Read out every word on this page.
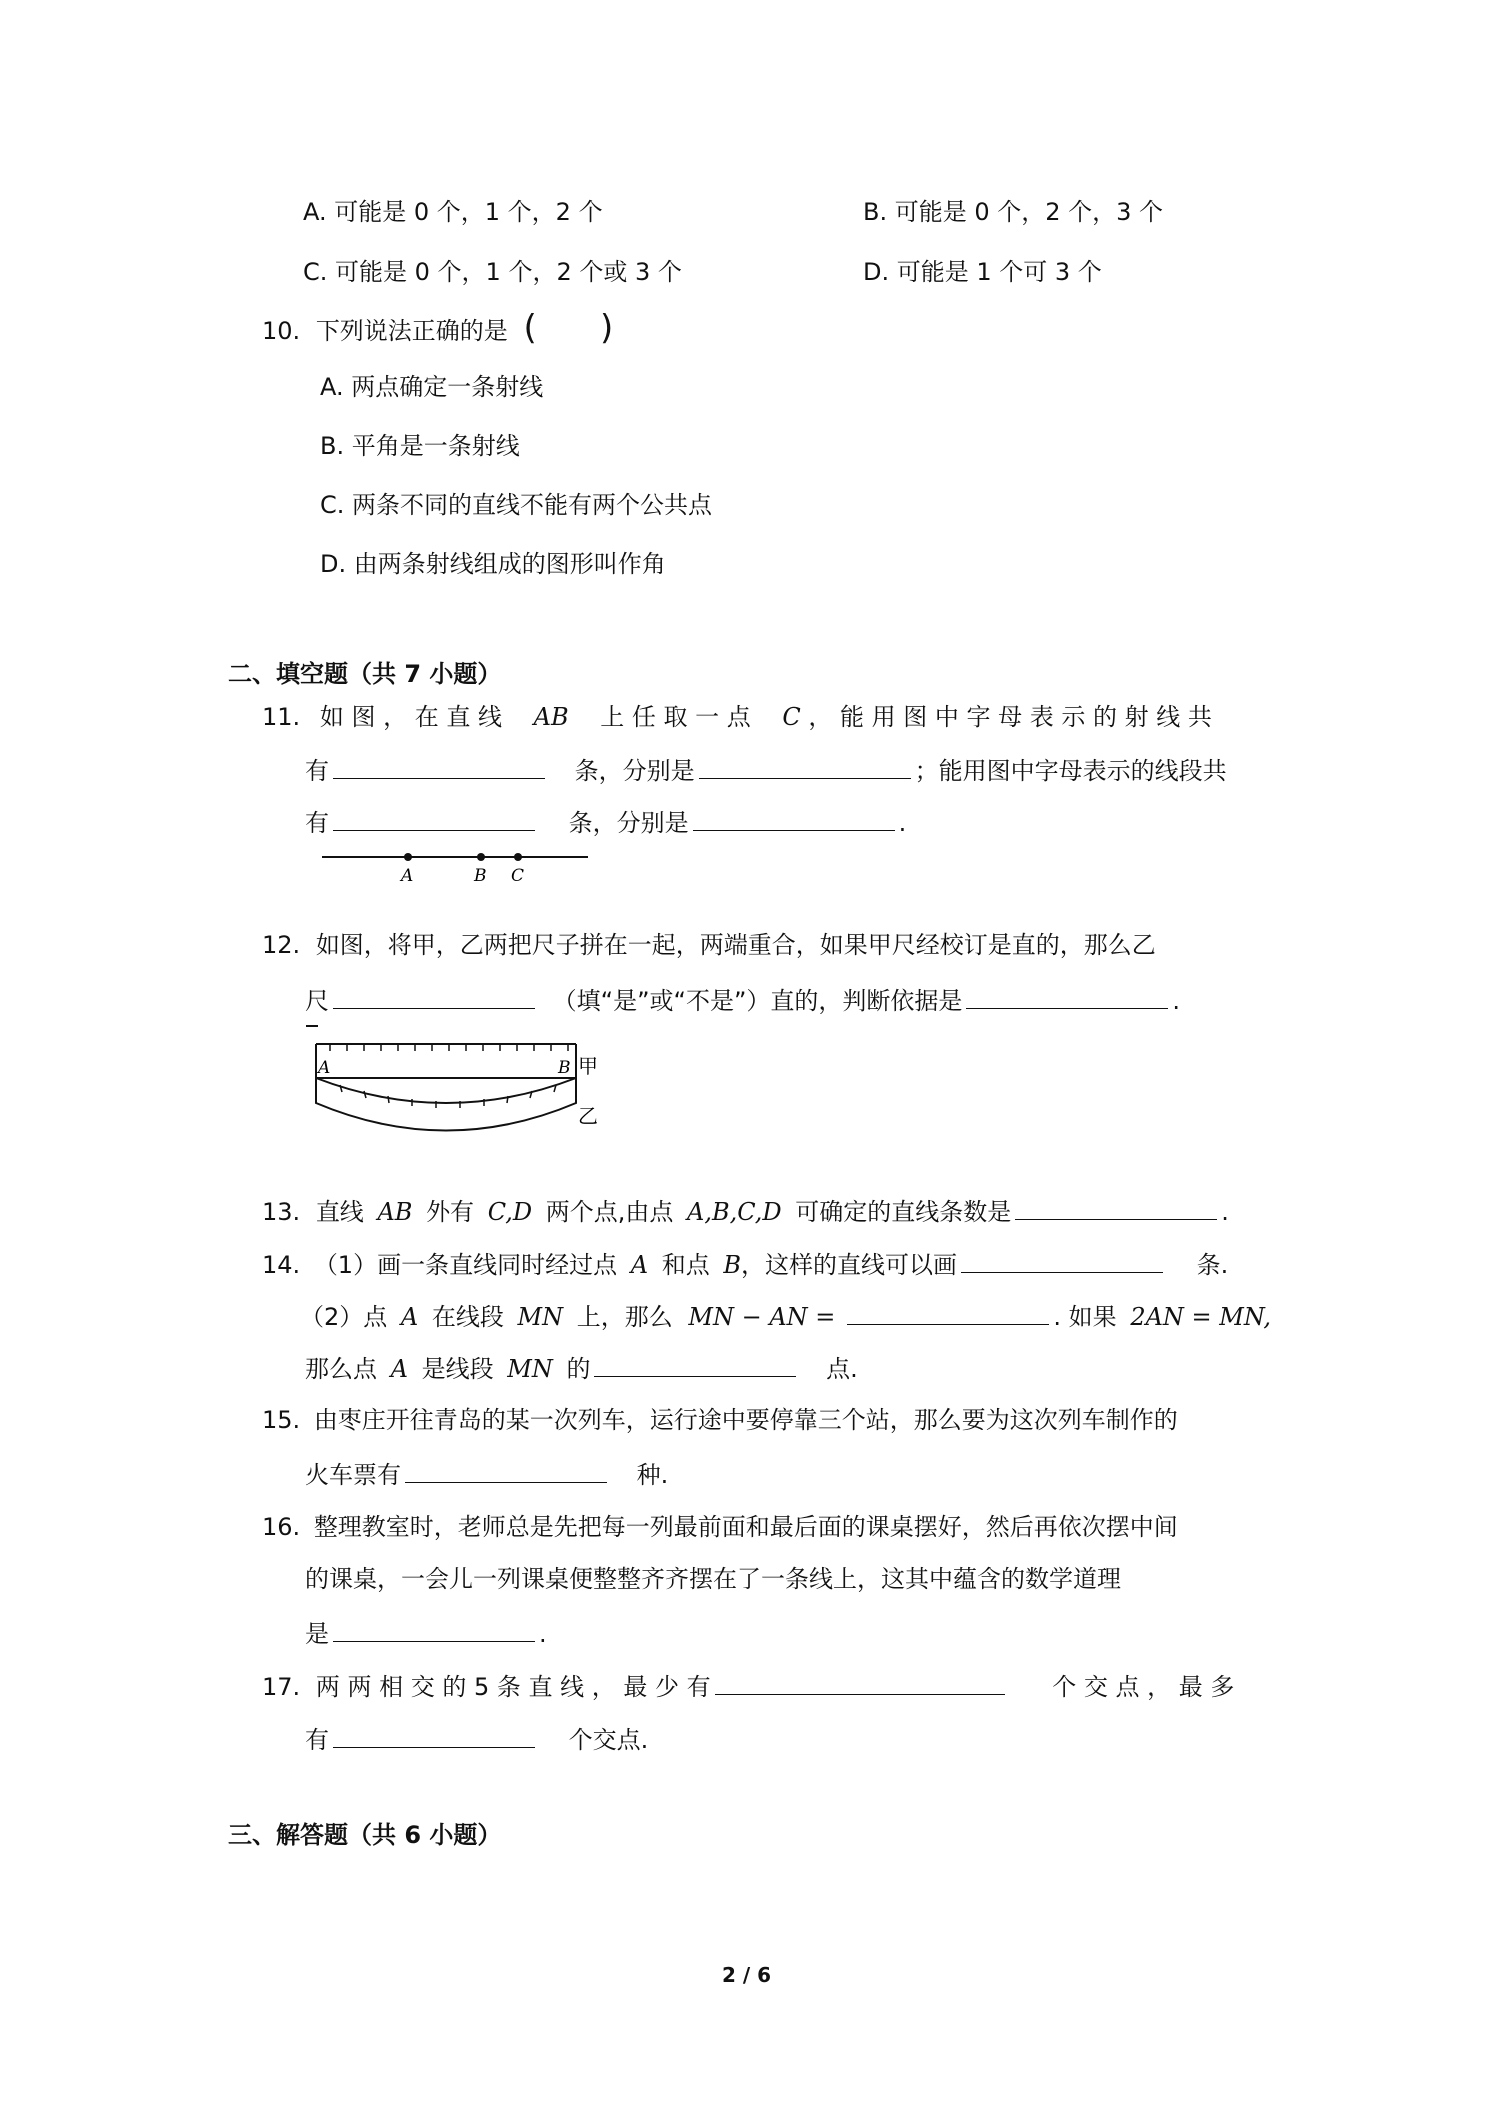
A. 可能是 0 个，1 个，2 个	B. 可能是 0 个，2 个，3 个
C. 可能是 0 个，1 个，2 个或 3 个	D. 可能是 1 个可 3 个
10. 下列说法正确的是 ( )
A. 两点确定一条射线
B. 平角是一条射线
C. 两条不同的直线不能有两个公共点
D. 由两条射线组成的图形叫作角
二、填空题（共 7 小题）
11. 如 图 ， 在 直 线 AB 上 任 取 一 点 C ， 能 用 图 中 字 母 表 示 的 射 线 共
有	条，分别是	；能用图中字母表示的线段共
有	条，分别是	.
A	B C
12. 如图，将甲，乙两把尺子拼在一起，两端重合，如果甲尺经校订是直的，那么乙
尺	（填“是”或“不是”）直的，判断依据是	.
A	B 甲
乙
13. 直线 AB 外有 C,D 两个点,由点 A,B,C,D 可确定的直线条数是	.
14. （1）画一条直线同时经过点 A 和点 B，这样的直线可以画	条.
（2）点 A 在线段 MN 上，那么 MN − AN =	. 如果 2AN = MN,
那么点 A 是线段 MN 的	点.
15. 由枣庄开往青岛的某一次列车，运行途中要停靠三个站，那么要为这次列车制作的
火车票有	种.
16. 整理教室时，老师总是先把每一列最前面和最后面的课桌摆好，然后再依次摆中间
的课桌，一会儿一列课桌便整整齐齐摆在了一条线上，这其中蕴含的数学道理
是	.
17. 两 两 相 交 的 5 条 直 线 ， 最 少 有	个 交 点 ， 最 多
有	个交点.
三、解答题（共 6 小题）
2 / 6
